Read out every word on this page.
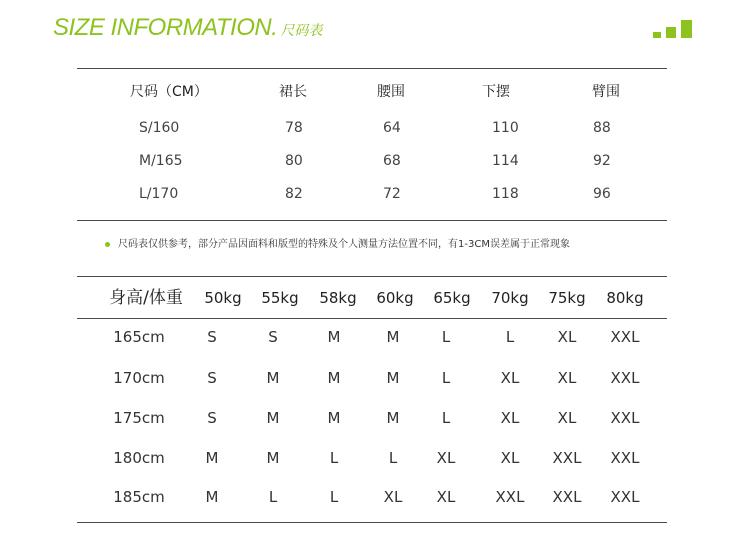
SIZE INFORMATION. 尺码表
尺码（CM）	裙长	腰围	下摆	臂围
S/160	78	64	110	88
M/165	80	68	114	92
L/170	82	72	118	96
尺码表仅供参考，部分产品因面料和版型的特殊及个人测量方法位置不同，有1-3CM误差属于正常现象
身高/体重	50kg	55kg	58kg	60kg	65kg	70kg	75kg	80kg
165cm	S	S	M	M	L	L	XL	XXL
170cm	S	M	M	M	L	XL	XL	XXL
175cm	S	M	M	M	L	XL	XL	XXL
180cm	M	M	L	L	XL	XL	XXL	XXL
185cm	M	L	L	XL	XL	XXL	XXL	XXL
